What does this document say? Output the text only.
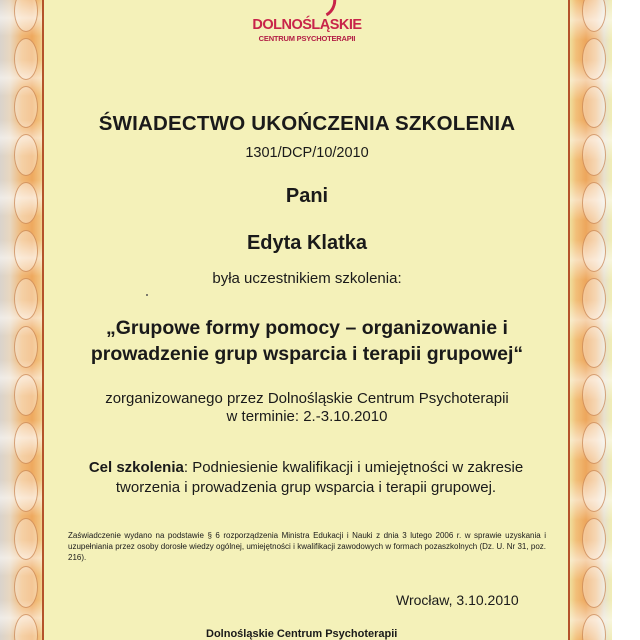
DOLNOŚLĄSKIE
CENTRUM PSYCHOTERAPII
ŚWIADECTWO UKOŃCZENIA SZKOLENIA
1301/DCP/10/2010
Pani
Edyta Klatka
była uczestnikiem szkolenia:
„Grupowe formy pomocy – organizowanie i
prowadzenie grup wsparcia i terapii grupowej“
zorganizowanego przez Dolnośląskie Centrum Psychoterapii
w terminie: 2.-3.10.2010
Cel szkolenia: Podniesienie kwalifikacji i umiejętności w zakresie
tworzenia i prowadzenia grup wsparcia i terapii grupowej.
Zaświadczenie wydano na podstawie § 6 rozporządzenia Ministra Edukacji i Nauki z dnia 3 lutego 2006 r. w sprawie uzyskania i uzupełniania przez osoby dorosłe wiedzy ogólnej, umiejętności i kwalifikacji zawodowych w formach pozaszkolnych (Dz. U. Nr 31, poz. 216).
Wrocław, 3.10.2010
Dolnośląskie Centrum Psychoterapii
